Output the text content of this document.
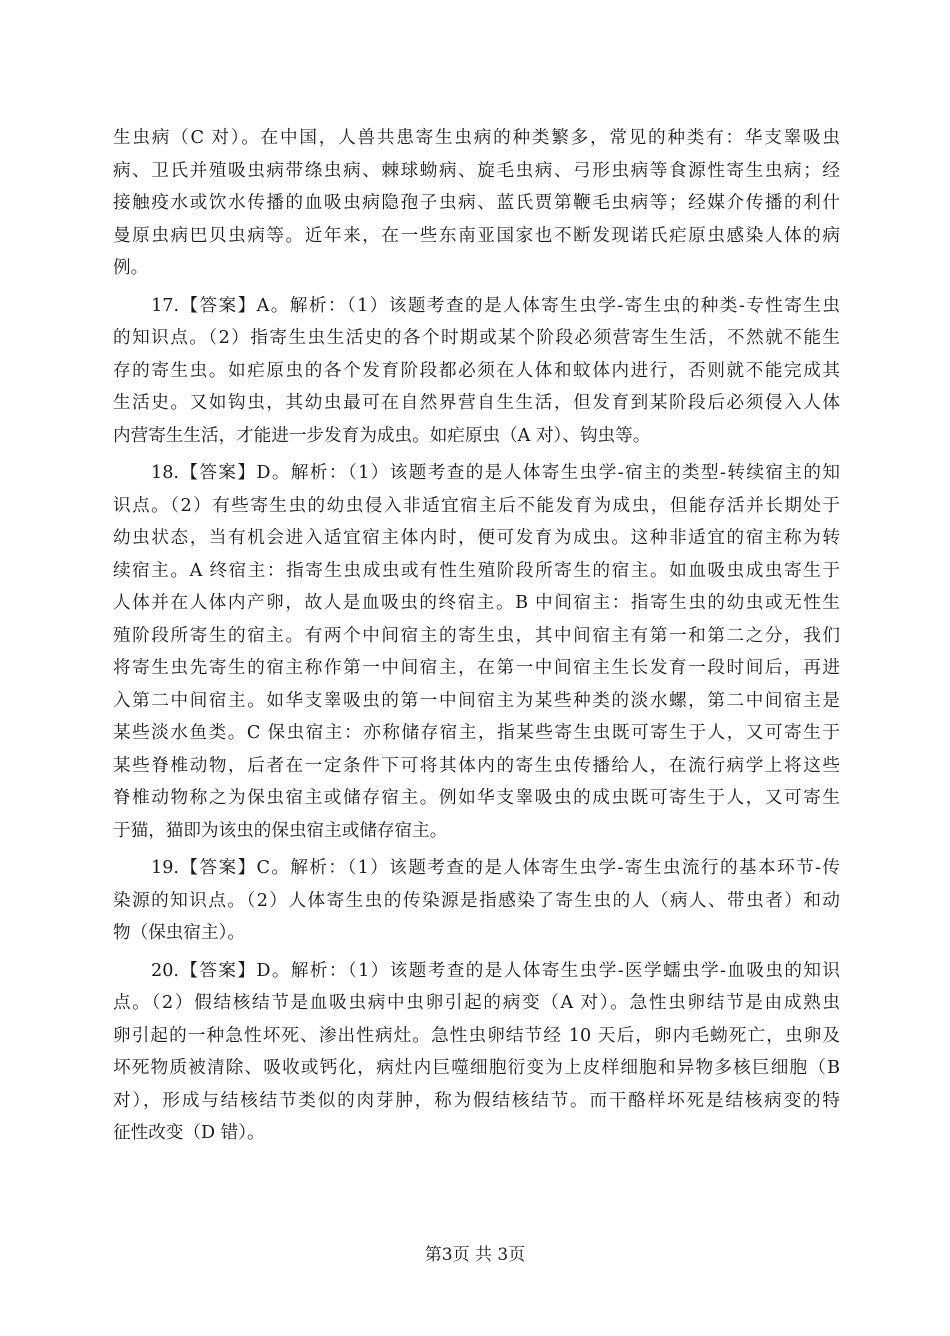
生虫病（C 对）。在中国，人兽共患寄生虫病的种类繁多，常见的种类有：华支睾吸虫
病、卫氏并殖吸虫病带绦虫病、棘球蚴病、旋毛虫病、弓形虫病等食源性寄生虫病；经
接触疫水或饮水传播的血吸虫病隐孢子虫病、蓝氏贾第鞭毛虫病等；经媒介传播的利什
曼原虫病巴贝虫病等。近年来，在一些东南亚国家也不断发现诺氏疟原虫感染人体的病
例。
　　17.【答案】A。解析：（1）该题考查的是人体寄生虫学-寄生虫的种类-专性寄生虫
的知识点。（2）指寄生虫生活史的各个时期或某个阶段必须营寄生生活，不然就不能生
存的寄生虫。如疟原虫的各个发育阶段都必须在人体和蚊体内进行，否则就不能完成其
生活史。又如钩虫，其幼虫最可在自然界营自生生活，但发育到某阶段后必须侵入人体
内营寄生生活，才能进一步发育为成虫。如疟原虫（A 对）、钩虫等。
　　18.【答案】D。解析：（1）该题考查的是人体寄生虫学-宿主的类型-转续宿主的知
识点。（2）有些寄生虫的幼虫侵入非适宜宿主后不能发育为成虫，但能存活并长期处于
幼虫状态，当有机会进入适宜宿主体内时，便可发育为成虫。这种非适宜的宿主称为转
续宿主。A 终宿主：指寄生虫成虫或有性生殖阶段所寄生的宿主。如血吸虫成虫寄生于
人体并在人体内产卵，故人是血吸虫的终宿主。B 中间宿主：指寄生虫的幼虫或无性生
殖阶段所寄生的宿主。有两个中间宿主的寄生虫，其中间宿主有第一和第二之分，我们
将寄生虫先寄生的宿主称作第一中间宿主，在第一中间宿主生长发育一段时间后，再进
入第二中间宿主。如华支睾吸虫的第一中间宿主为某些种类的淡水螺，第二中间宿主是
某些淡水鱼类。C 保虫宿主：亦称储存宿主，指某些寄生虫既可寄生于人，又可寄生于
某些脊椎动物，后者在一定条件下可将其体内的寄生虫传播给人，在流行病学上将这些
脊椎动物称之为保虫宿主或储存宿主。例如华支睾吸虫的成虫既可寄生于人，又可寄生
于猫，猫即为该虫的保虫宿主或储存宿主。
　　19.【答案】C。解析：（1）该题考查的是人体寄生虫学-寄生虫流行的基本环节-传
染源的知识点。（2）人体寄生虫的传染源是指感染了寄生虫的人（病人、带虫者）和动
物（保虫宿主）。
　　20.【答案】D。解析：（1）该题考查的是人体寄生虫学-医学蠕虫学-血吸虫的知识
点。（2）假结核结节是血吸虫病中虫卵引起的病变（A 对）。急性虫卵结节是由成熟虫
卵引起的一种急性坏死、渗出性病灶。急性虫卵结节经 10 天后，卵内毛蚴死亡，虫卵及
坏死物质被清除、吸收或钙化，病灶内巨噬细胞衍变为上皮样细胞和异物多核巨细胞（B
对），形成与结核结节类似的肉芽肿，称为假结核结节。而干酪样坏死是结核病变的特
征性改变（D 错）。
第3页 共 3页
